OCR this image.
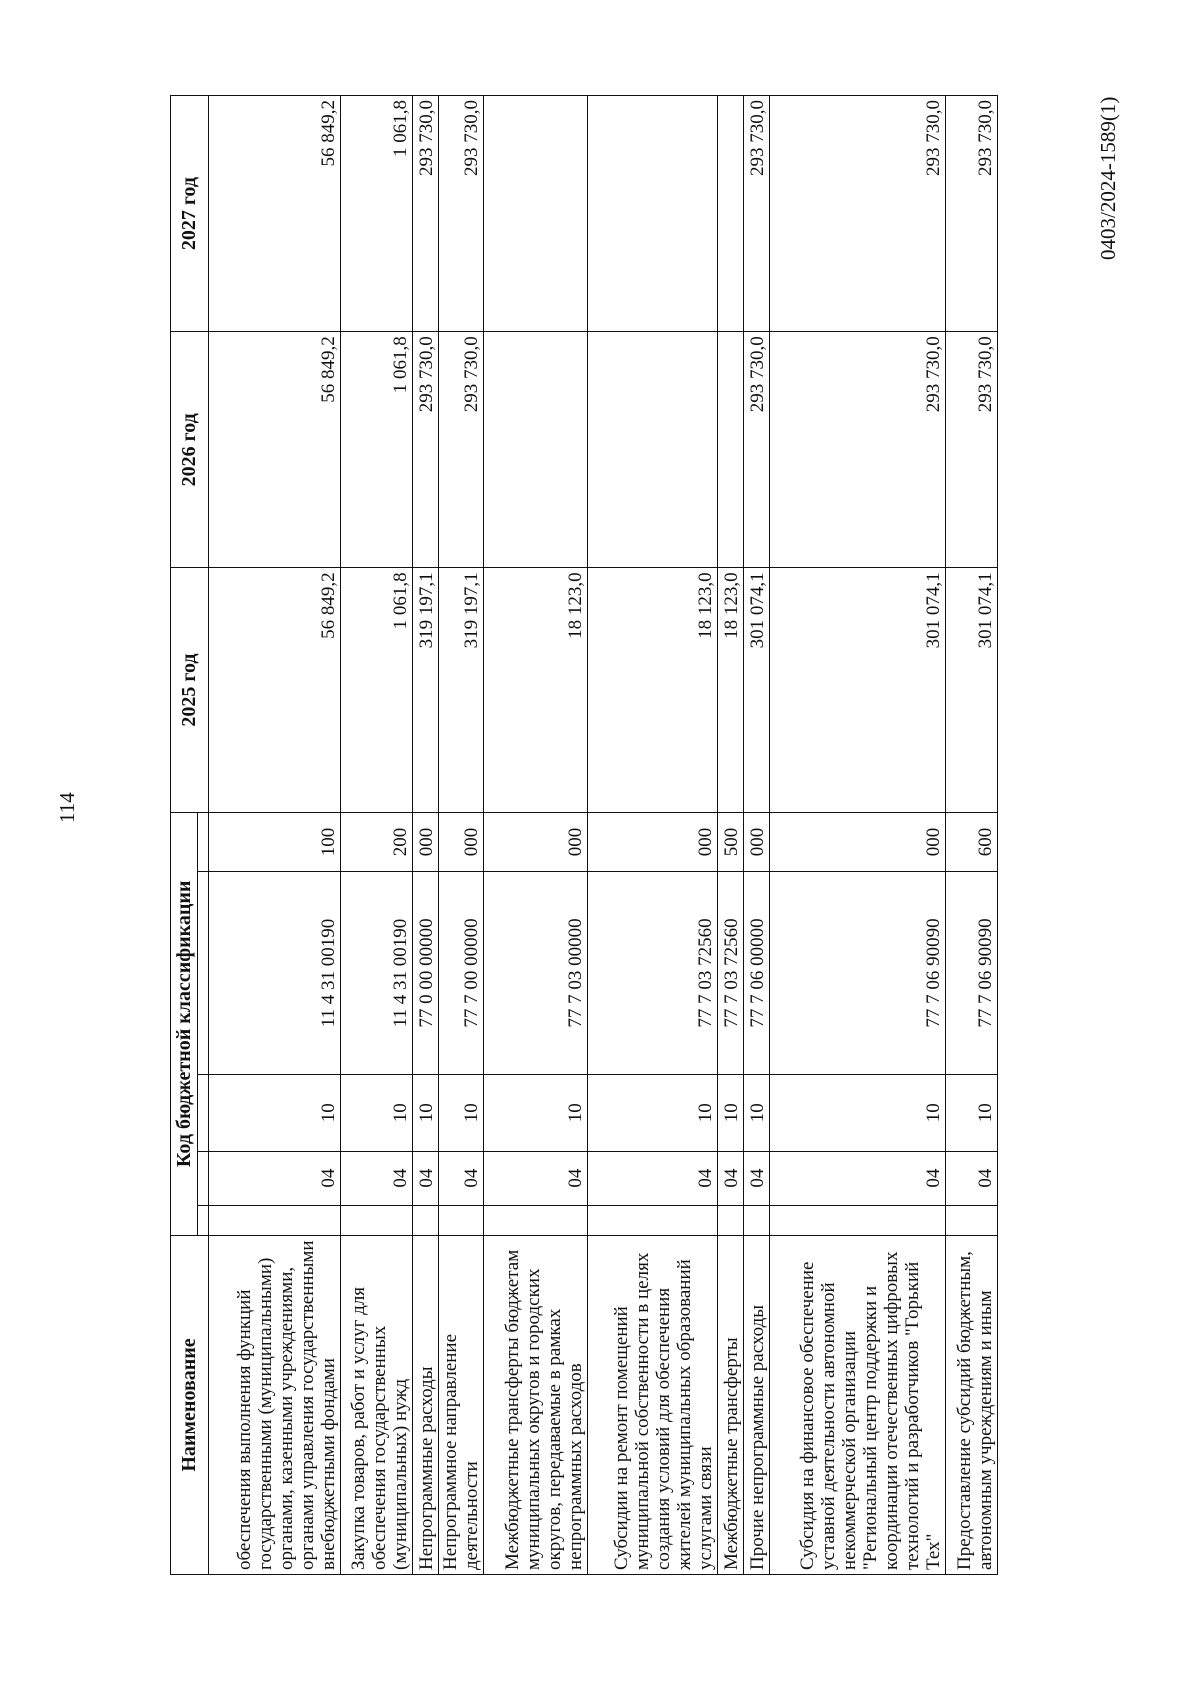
114
0403/2024-1589(1)
Наименование	Код бюджетной классификации					2025 год	2026 год	2027 год

обеспечения выполнения функций государственными (муниципальными) органами, казенными учреждениями, органами управления государственными внебюджетными фондами		04	10	11 4 31 00190	100	56 849,2	56 849,2	56 849,2
Закупка товаров, работ и услуг для обеспечения государственных (муниципальных) нужд		04	10	11 4 31 00190	200	1 061,8	1 061,8	1 061,8
Непрограммные расходы		04	10	77 0 00 00000	000	319 197,1	293 730,0	293 730,0
Непрограммное направление деятельности		04	10	77 7 00 00000	000	319 197,1	293 730,0	293 730,0
Межбюджетные трансферты бюджетам муниципальных округов и городских округов, передаваемые в рамках непрограммных расходов		04	10	77 7 03 00000	000	18 123,0		
Субсидии на ремонт помещений муниципальной собственности в целях создания условий для обеспечения жителей муниципальных образований услугами связи		04	10	77 7 03 72560	000	18 123,0		
Межбюджетные трансферты		04	10	77 7 03 72560	500	18 123,0		
Прочие непрограммные расходы		04	10	77 7 06 00000	000	301 074,1	293 730,0	293 730,0
Субсидия на финансовое обеспечение уставной деятельности автономной некоммерческой организации "Региональный центр поддержки и координации отечественных цифровых технологий и разработчиков "Горький Тех"		04	10	77 7 06 90090	000	301 074,1	293 730,0	293 730,0
Предоставление субсидий бюджетным, автономным учреждениям и иным		04	10	77 7 06 90090	600	301 074,1	293 730,0	293 730,0
